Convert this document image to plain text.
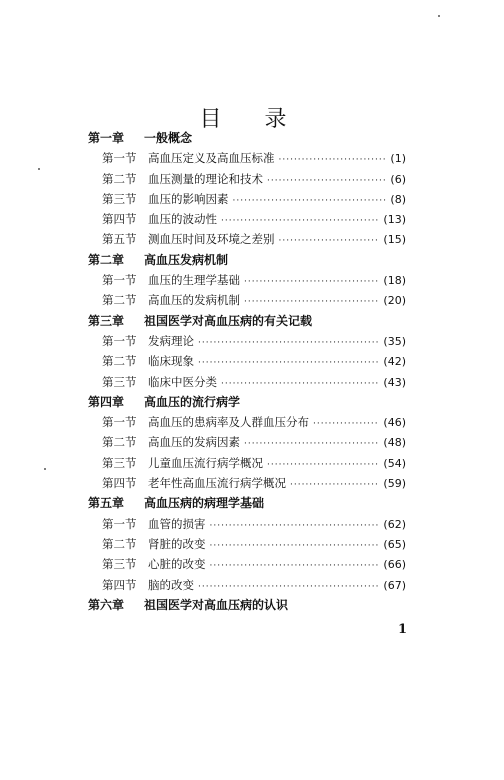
目 录
第一章 一般概念
第一节	高血压定义及高血压标准 ·····	(1)
第二节	血压测量的理论和技术 ·····	(6)
第三节	血压的影响因素 ·····	(8)
第四节	血压的波动性 ·····	(13)
第五节	测血压时间及环境之差别 ·····	(15)
第二章 高血压发病机制
第一节	血压的生理学基础 ·····	(18)
第二节	高血压的发病机制 ·····	(20)
第三章 祖国医学对高血压病的有关记载
第一节	发病理论 ·····	(35)
第二节	临床现象 ·····	(42)
第三节	临床中医分类 ·····	(43)
第四章 高血压的流行病学
第一节	高血压的患病率及人群血压分布 ·····	(46)
第二节	高血压的发病因素 ·····	(48)
第三节	儿童血压流行病学概况 ·····	(54)
第四节	老年性高血压流行病学概况 ·····	(59)
第五章 高血压病的病理学基础
第一节	血管的损害 ·····	(62)
第二节	肾脏的改变 ·····	(65)
第三节	心脏的改变 ·····	(66)
第四节	脑的改变 ·····	(67)
第六章 祖国医学对高血压病的认识
1
